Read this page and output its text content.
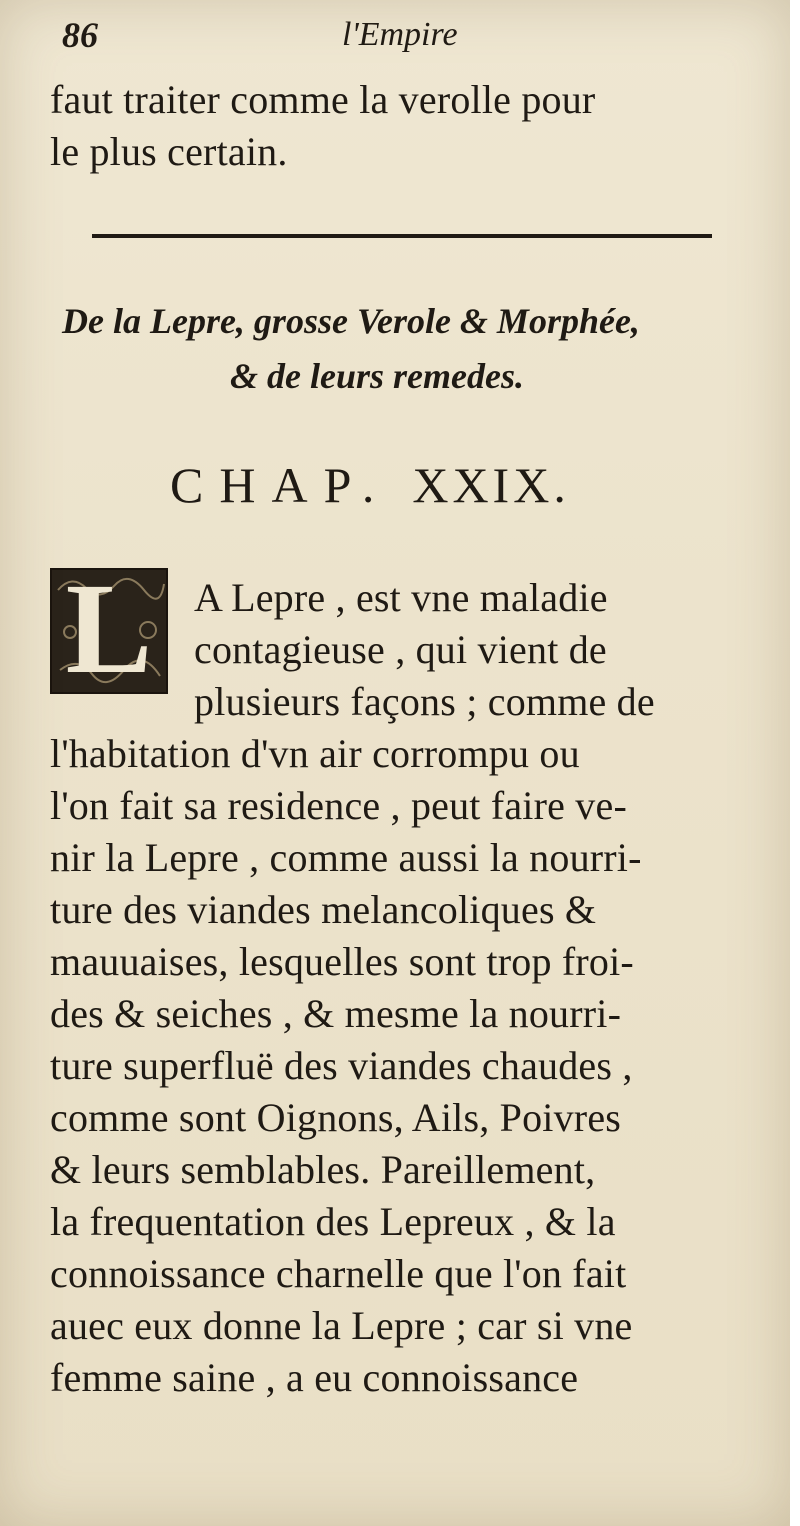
86	l'Empire
faut traiter comme la verolle pour
le plus certain.
De la Lepre, grosse Verole & Morphée,
& de leurs remedes.
CHAP. XXIX.
L	A Lepre , est vne maladie
contagieuse , qui vient de
plusieurs façons ; comme de
l'habitation d'vn air corrompu ou
l'on fait sa residence , peut faire ve-
nir la Lepre , comme aussi la nourri-
ture des viandes melancoliques &
mauuaises, lesquelles sont trop froi-
des & seiches , & mesme la nourri-
ture superfluë des viandes chaudes ,
comme sont Oignons, Ails, Poivres
& leurs semblables. Pareillement,
la frequentation des Lepreux , & la
connoissance charnelle que l'on fait
auec eux donne la Lepre ; car si vne
femme saine , a eu connoissance
